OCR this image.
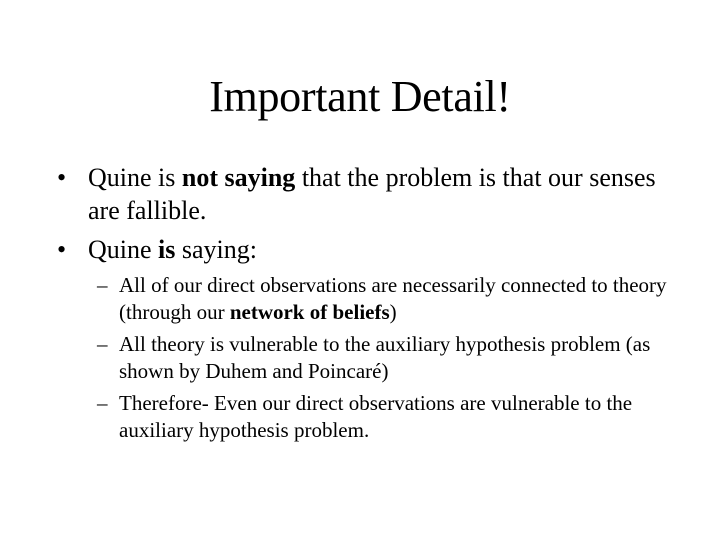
Important Detail!
• Quine is not saying that the problem is that our senses are fallible.
• Quine is saying:
– All of our direct observations are necessarily connected to theory (through our network of beliefs)
– All theory is vulnerable to the auxiliary hypothesis problem (as shown by Duhem and Poincaré)
– Therefore- Even our direct observations are vulnerable to the auxiliary hypothesis problem.
